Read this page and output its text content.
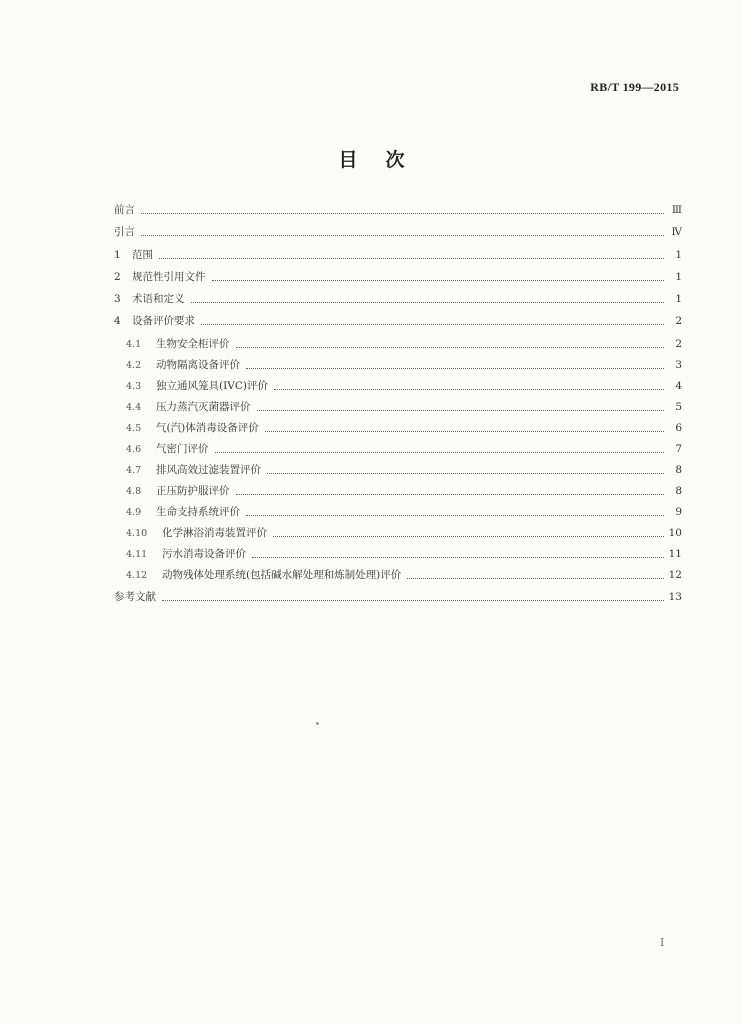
RB/T 199—2015
目次
前言	Ⅲ
引言	Ⅳ
1	范围	1
2	规范性引用文件	1
3	术语和定义	1
4	设备评价要求	2
4.1	生物安全柜评价	2
4.2	动物隔离设备评价	3
4.3	独立通风笼具(IVC)评价	4
4.4	压力蒸汽灭菌器评价	5
4.5	气(汽)体消毒设备评价	6
4.6	气密门评价	7
4.7	排风高效过滤装置评价	8
4.8	正压防护服评价	8
4.9	生命支持系统评价	9
4.10	化学淋浴消毒装置评价	10
4.11	污水消毒设备评价	11
4.12	动物残体处理系统(包括碱水解处理和炼制处理)评价	12
参考文献	13
I
